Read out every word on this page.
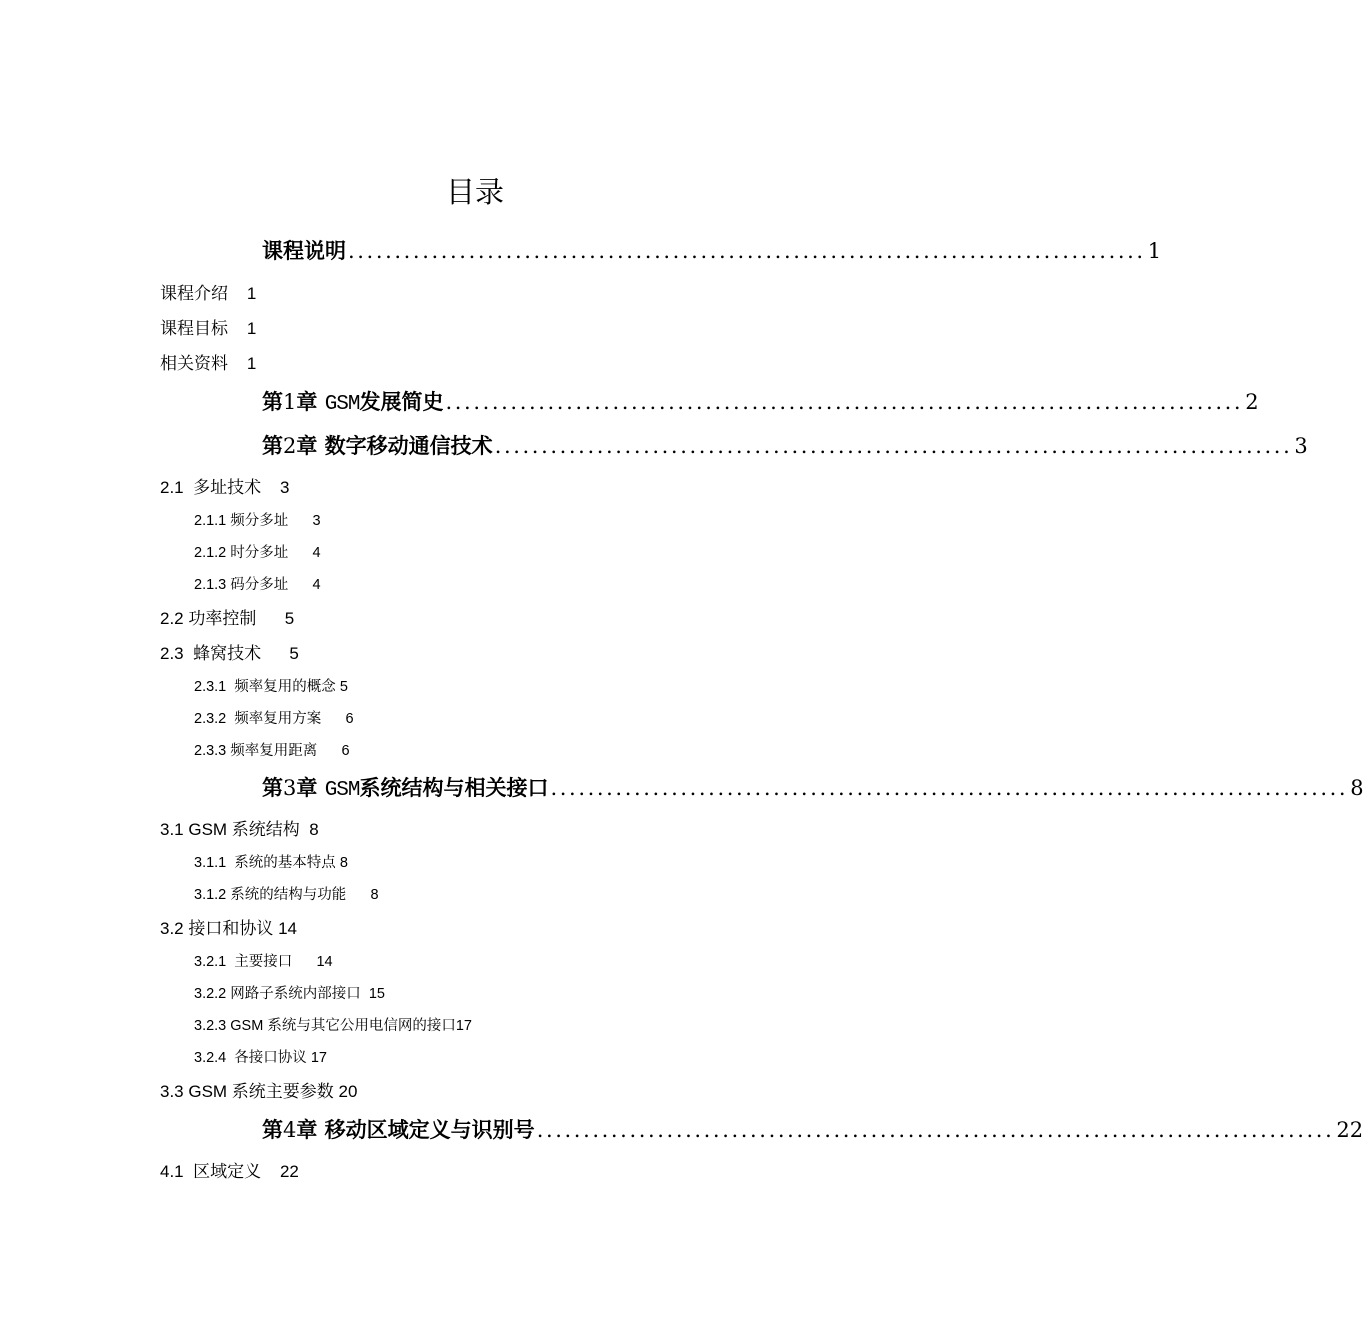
目录
课程说明 ...................................................................................... 1
课程介绍    1
课程目标    1
相关资料    1
第1章 GSM发展简史 ...................................................................................... 2
第2章 数字移动通信技术 ...................................................................................... 3
2.1  多址技术    3
2.1.1 频分多址      3
2.1.2 时分多址      4
2.1.3 码分多址      4
2.2 功率控制      5
2.3  蜂窝技术      5
2.3.1  频率复用的概念 5
2.3.2  频率复用方案      6
2.3.3 频率复用距离      6
第3章 GSM系统结构与相关接口 ...................................................................................... 8
3.1 GSM 系统结构  8
3.1.1  系统的基本特点 8
3.1.2 系统的结构与功能      8
3.2 接口和协议 14
3.2.1  主要接口      14
3.2.2 网路子系统内部接口  15
3.2.3 GSM 系统与其它公用电信网的接口17
3.2.4  各接口协议 17
3.3 GSM 系统主要参数 20
第4章 移动区域定义与识别号 ...................................................................................... 22
4.1  区域定义    22
